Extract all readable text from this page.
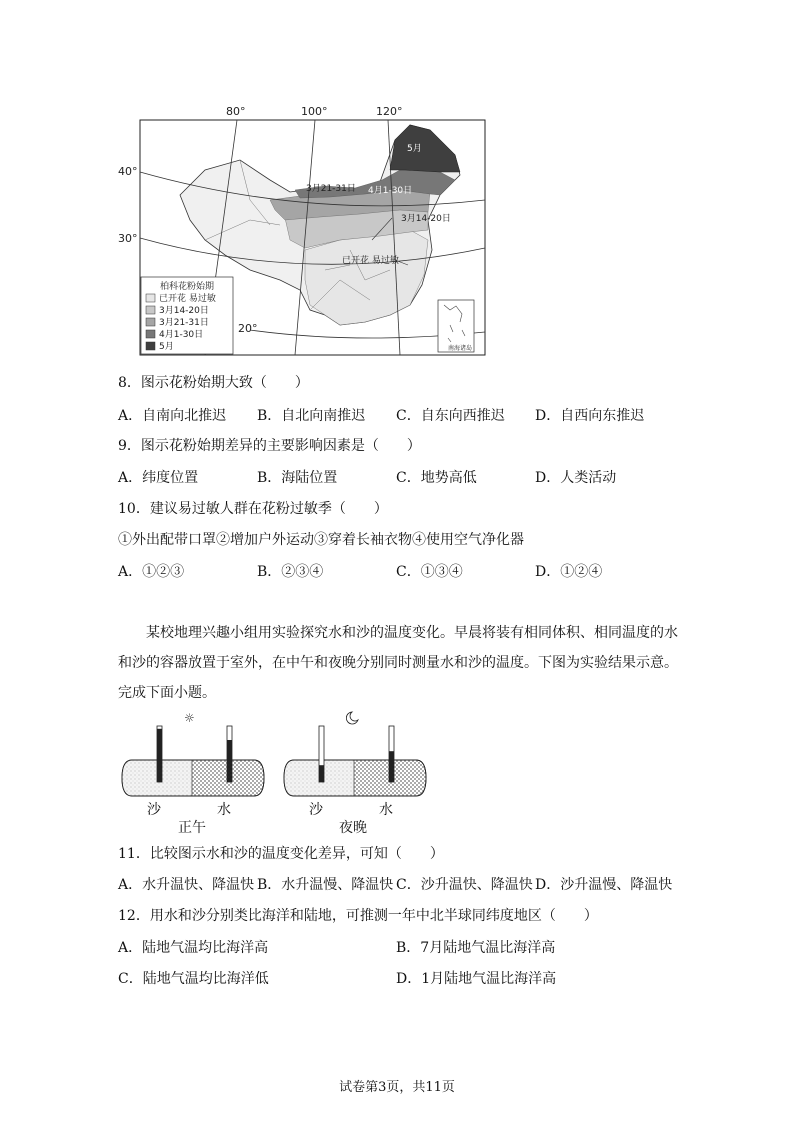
80°	100°	120°
40°
30°
20°
5月
4月1-30日
3月21-31日
3月14-20日
已开花 易过敏
柏科花粉始期
已开花 易过敏
3月14-20日
3月21-31日
4月1-30日
5月	南海诸岛
8．图示花粉始期大致（　　）
A．自南向北推迟 B．自北向南推迟 C．自东向西推迟 D．自西向东推迟
9．图示花粉始期差异的主要影响因素是（　　）
A．纬度位置	B．海陆位置	C．地势高低	D．人类活动
10．建议易过敏人群在花粉过敏季（　　）
①外出配带口罩②增加户外运动③穿着长袖衣物④使用空气净化器
A．①②③	B．②③④	C．①③④	D．①②④
某校地理兴趣小组用实验探究水和沙的温度变化。早晨将装有相同体积、相同温度的水和沙的容器放置于室外，在中午和夜晚分别同时测量水和沙的温度。下图为实验结果示意。完成下面小题。
☼
沙	水	沙	水
正午	夜晚
11．比较图示水和沙的温度变化差异，可知（　　）
A．水升温快、降温快 B．水升温慢、降温快 C．沙升温快、降温快 D．沙升温慢、降温快
12．用水和沙分别类比海洋和陆地，可推测一年中北半球同纬度地区（　　）
A．陆地气温均比海洋高	B．7月陆地气温比海洋高
C．陆地气温均比海洋低	D．1月陆地气温比海洋高
试卷第3页，共11页
